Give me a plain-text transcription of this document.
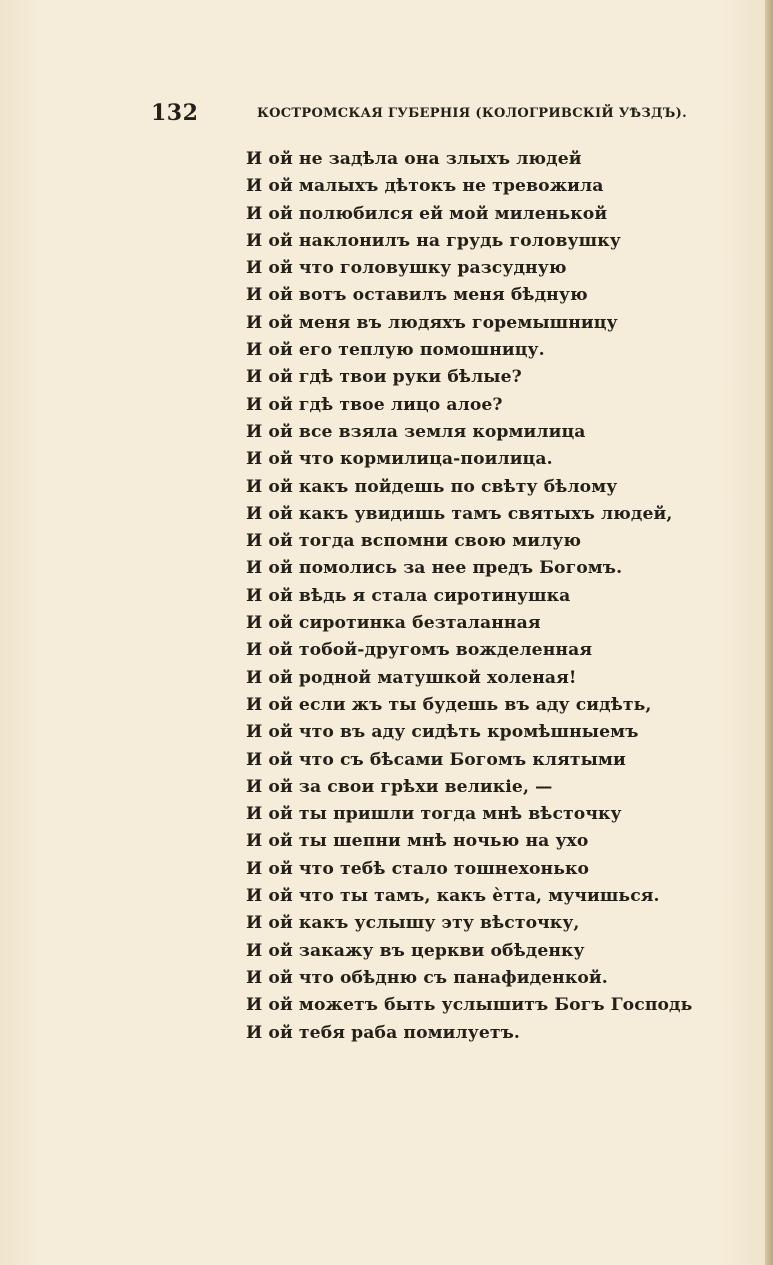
132	КОСТРОМСКАЯ ГУБЕРНІЯ (КОЛОГРИВСКІЙ УѢЗДЪ).
И ой не задѣла она злыхъ людей
И ой малыхъ дѣтокъ не тревожила
И ой полюбился ей мой миленькой
И ой наклонилъ на грудь головушку
И ой что головушку разсудную
И ой вотъ оставилъ меня бѣдную
И ой меня въ людяхъ горемышницу
И ой его теплую помошницу.
И ой гдѣ твои руки бѣлые?
И ой гдѣ твое лицо алое?
И ой все взяла земля кормилица
И ой что кормилица-поилица.
И ой какъ пойдешь по свѣту бѣлому
И ой какъ увидишь тамъ святыхъ людей,
И ой тогда вспомни свою милую
И ой помолись за нее предъ Богомъ.
И ой вѣдь я стала сиротинушка
И ой сиротинка безталанная
И ой тобой-другомъ вожделенная
И ой родной матушкой холеная!
И ой если жъ ты будешь въ аду сидѣть,
И ой что въ аду сидѣть кромѣшныемъ
И ой что съ бѣсами Богомъ клятыми
И ой за свои грѣхи великіе, —
И ой ты пришли тогда мнѣ вѣсточку
И ой ты шепни мнѣ ночью на ухо
И ой что тебѣ стало тошнехонько
И ой что ты тамъ, какъ ѐтта, мучишься.
И ой какъ услышу эту вѣсточку,
И ой закажу въ церкви обѣденку
И ой что обѣдню съ панафиденкой.
И ой можетъ быть услышитъ Богъ Господь
И ой тебя раба помилуетъ.
